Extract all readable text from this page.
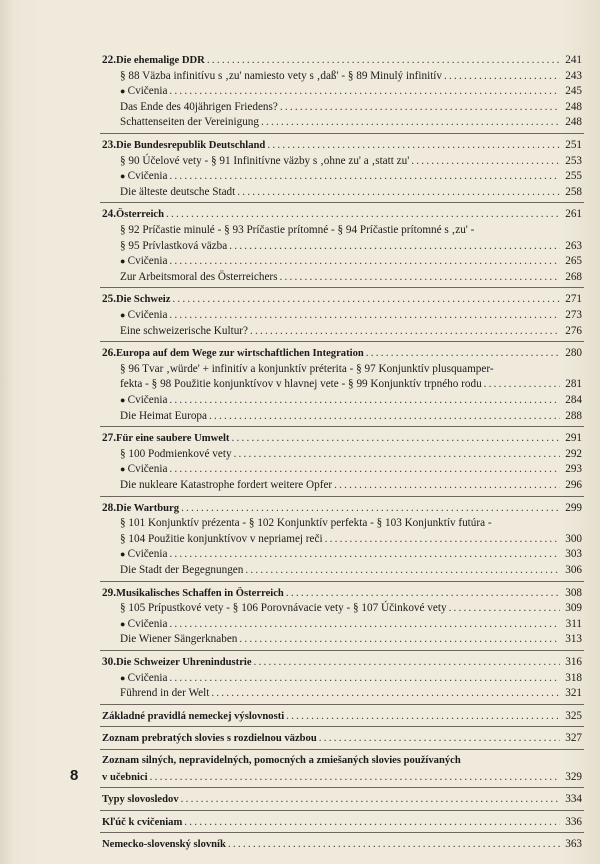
22. Die ehemalige DDR .....	241
§ 88 Väzba infinitívu s ‚zu' namiesto vety s ‚daß' - § 89 Minulý infinitív .....	243
● Cvičenia .....	245
Das Ende des 40jährigen Friedens? .....	248
Schattenseiten der Vereinigung .....	248
23. Die Bundesrepublik Deutschland .....	251
§ 90 Účelové vety - § 91 Infinitívne väzby s ‚ohne zu' a ‚statt zu' .....	253
● Cvičenia .....	255
Die älteste deutsche Stadt .....	258
24. Österreich .....	261
§ 92 Príčastie minulé - § 93 Príčastie prítomné - § 94 Príčastie prítomné s ‚zu' -
§ 95 Prívlastková väzba .....	263
● Cvičenia .....	265
Zur Arbeitsmoral des Österreichers .....	268
25. Die Schweiz .....	271
● Cvičenia .....	273
Eine schweizerische Kultur? .....	276
26. Europa auf dem Wege zur wirtschaftlichen Integration .....	280
§ 96 Tvar ‚würde' + infinitív a konjunktív préterita - § 97 Konjunktív plusquamper-
fekta - § 98 Použitie konjunktívov v hlavnej vete - § 99 Konjunktív trpného rodu .....	281
● Cvičenia .....	284
Die Heimat Europa .....	288
27. Für eine saubere Umwelt .....	291
§ 100 Podmienkové vety .....	292
● Cvičenia .....	293
Die nukleare Katastrophe fordert weitere Opfer .....	296
28. Die Wartburg .....	299
§ 101 Konjunktív prézenta - § 102 Konjunktív perfekta - § 103 Konjunktív futúra -
§ 104 Použitie konjunktívov v nepriamej reči .....	300
● Cvičenia .....	303
Die Stadt der Begegnungen .....	306
29. Musikalisches Schaffen in Österreich .....	308
§ 105 Prípustkové vety - § 106 Porovnávacie vety - § 107 Účinkové vety .....	309
● Cvičenia .....	311
Die Wiener Sängerknaben .....	313
30. Die Schweizer Uhrenindustrie .....	316
● Cvičenia .....	318
Führend in der Welt .....	321
Základné pravidlá nemeckej výslovnosti .....	325
Zoznam prebratých slovies s rozdielnou väzbou .....	327
Zoznam silných, nepravidelných, pomocných a zmiešaných slovies používaných
v učebnici .....	329
Typy slovosledov .....	334
Kľúč k cvičeniam .....	336
Nemecko-slovenský slovník .....	363
8
